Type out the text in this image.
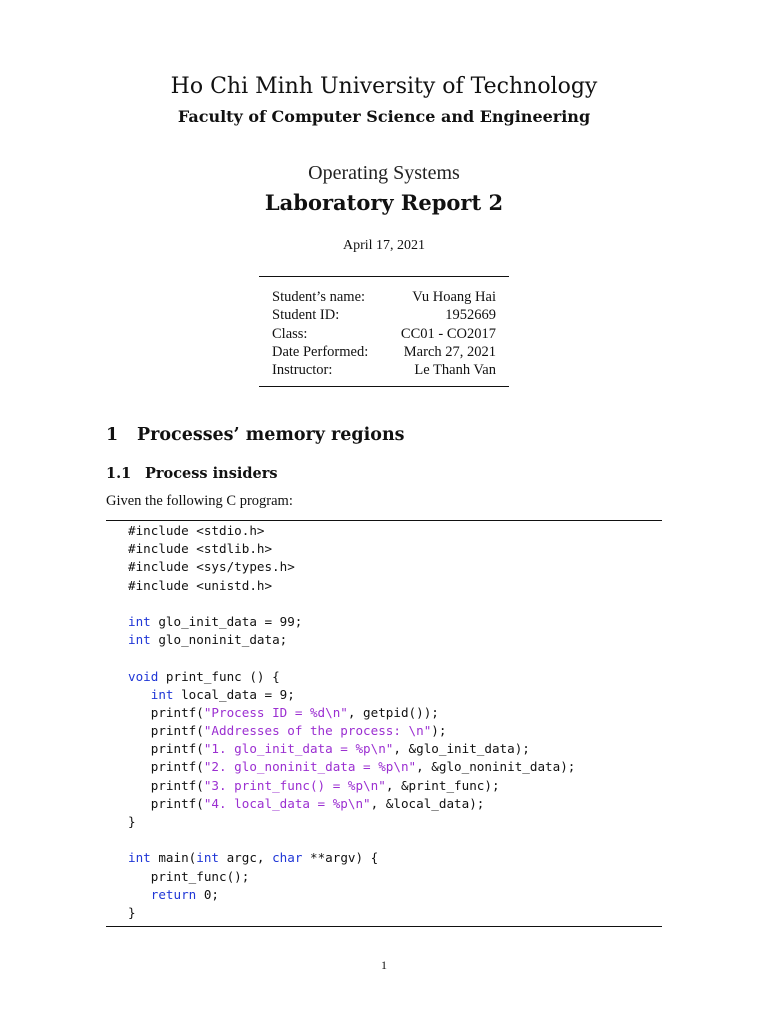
Ho Chi Minh University of Technology
Faculty of Computer Science and Engineering
Operating Systems
Laboratory Report 2
April 17, 2021
Student’s name:	Vu Hoang Hai
Student ID:	1952669
Class:	CC01 - CO2017
Date Performed: March 27, 2021
Instructor:	Le Thanh Van
1 Processes’ memory regions
1.1 Process insiders
Given the following C program:
#include <stdio.h>
#include <stdlib.h>
#include <sys/types.h>
#include <unistd.h>
int glo_init_data = 99;
int glo_noninit_data;
void print_func () {
int local_data = 9;
printf("Process ID = %d\n", getpid());
printf("Addresses of the process: \n");
printf("1. glo_init_data = %p\n", &glo_init_data);
printf("2. glo_noninit_data = %p\n", &glo_noninit_data);
printf("3. print_func() = %p\n", &print_func);
printf("4. local_data = %p\n", &local_data);
}
int main(int argc, char **argv) {
print_func();
return 0;
}
1
